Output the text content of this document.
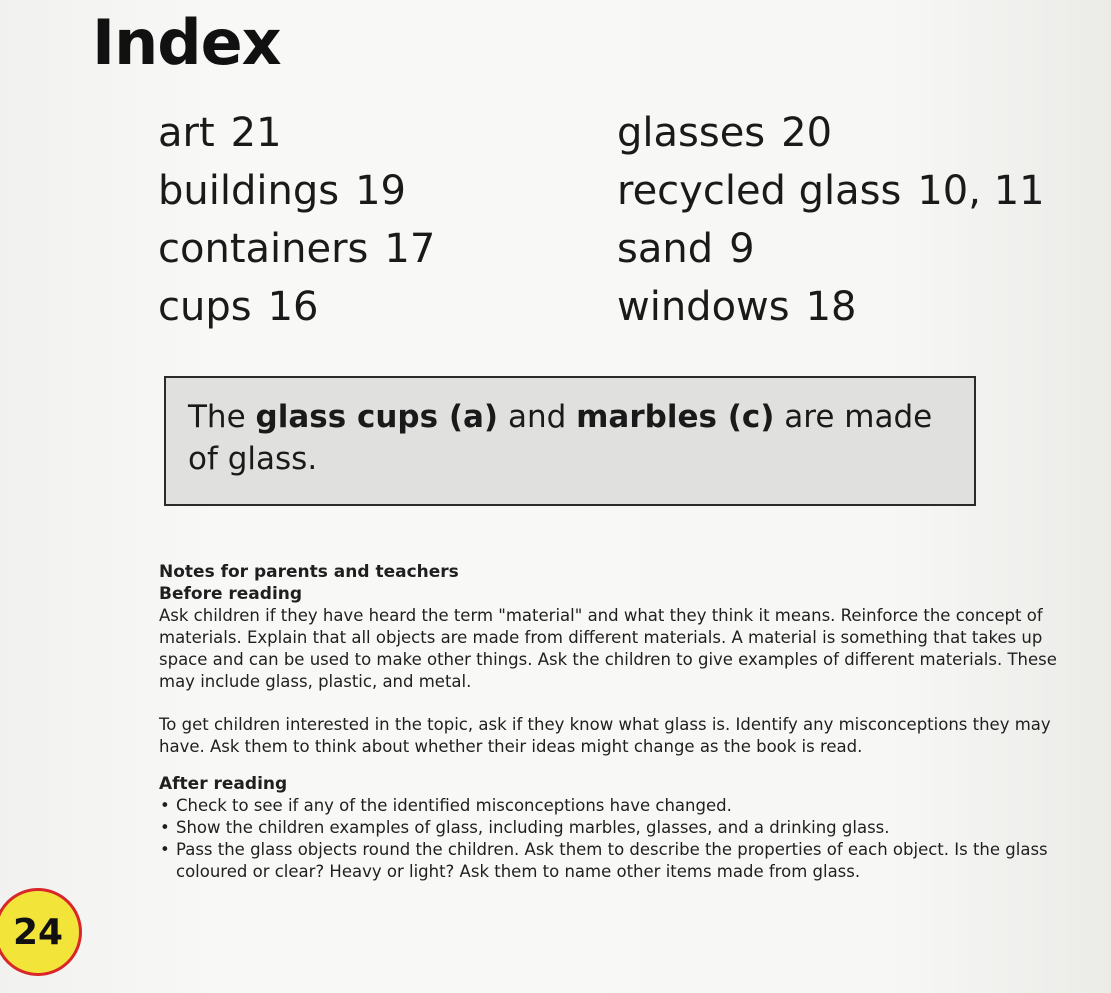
Index
art 21
buildings 19
containers 17
cups 16
glasses 20
recycled glass 10, 11
sand 9
windows 18
The glass cups (a) and marbles (c) are made of glass.
Notes for parents and teachers
Before reading

Ask children if they have heard the term "material" and what they think it means. Reinforce the concept of materials. Explain that all objects are made from different materials. A material is something that takes up space and can be used to make other things. Ask the children to give examples of different materials. These may include glass, plastic, and metal.

To get children interested in the topic, ask if they know what glass is. Identify any misconceptions they may have. Ask them to think about whether their ideas might change as the book is read.

After reading
• Check to see if any of the identified misconceptions have changed.
• Show the children examples of glass, including marbles, glasses, and a drinking glass.
• Pass the glass objects round the children. Ask them to describe the properties of each object. Is the glass coloured or clear? Heavy or light? Ask them to name other items made from glass.
24
